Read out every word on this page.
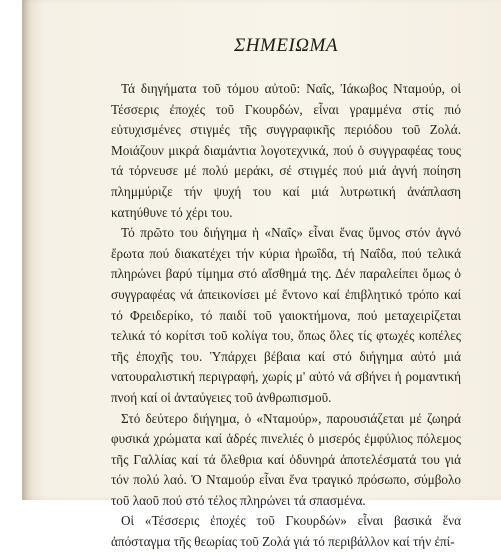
ΣΗΜΕΙΩΜΑ

Τά διηγήματα τοῦ τόμου αὐτοῦ: Ναΐς, Ἰάκωβος Νταμούρ, οἱ Τέσσερις ἐποχές τοῦ Γκουρδών, εἶναι γραμμένα στίς πιό εὐτυχισμένες στιγμές τῆς συγγραφικῆς περιόδου τοῦ Ζολά. Μοιάζουν μικρά διαμάντια λογοτεχνικά, πού ὁ συγγραφέας τους τά τόρνευσε μέ πολύ μεράκι, σέ στιγμές πού μιά ἁγνή ποίηση πλημμύριζε τήν ψυχή του καί μιά λυτρωτική ἀνάπλαση κατηύθυνε τό χέρι του.

Τό πρῶτο του διήγημα ἡ «Ναΐς» εἶναι ἕνας ὕμνος στόν ἁγνό ἔρωτα πού διακατέχει τήν κύρια ἡρωΐδα, τή Ναΐδα, πού τελικά πληρώνει βαρύ τίμημα στό αἴσθημά της. Δέν παραλείπει ὅμως ὁ συγγραφέας νά ἀπεικονίσει μέ ἔντονο καί ἐπιβλητικό τρόπο καί τό Φρειδερίκο, τό παιδί τοῦ γαιοκτήμονα, πού μεταχειρίζεται τελικά τό κορίτσι τοῦ κολίγα του, ὅπως ὅλες τίς φτωχές κοπέλες τῆς ἐποχῆς του. Ὑπάρχει βέβαια καί στό διήγημα αὐτό μιά νατουραλιστική περιγραφή, χωρίς μ' αὐτό νά σβήνει ἡ ρομαντική πνοή καί οἱ ἀνταύγειες τοῦ ἀνθρωπισμοῦ.

Στό δεύτερο διήγημα, ὁ «Νταμούρ», παρουσιάζεται μέ ζωηρά φυσικά χρώματα καί ἁδρές πινελιές ὁ μισερός ἐμφύλιος πόλεμος τῆς Γαλλίας καί τά ὄλεθρια καί ὀδυνηρά ἀποτελέσματά του γιά τόν πολύ λαό. Ὁ Νταμούρ εἶναι ἕνα τραγικό πρόσωπο, σύμβολο τοῦ λαοῦ πού στό τέλος πληρώνει τά σπασμένα.

Οἱ «Τέσσερις ἐποχές τοῦ Γκουρδών» εἶναι βασικά ἕνα ἀπόσταγμα τῆς θεωρίας τοῦ Ζολά γιά τό περιβάλλον καί τήν ἐπί-
